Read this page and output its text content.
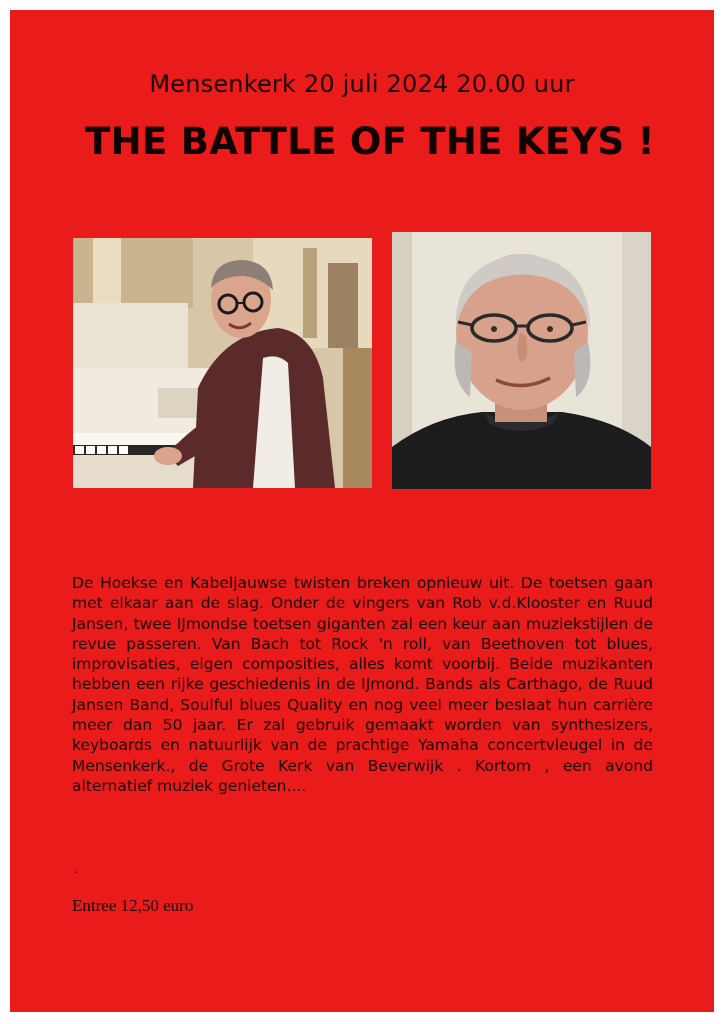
Mensenkerk 20 juli 2024 20.00 uur
THE BATTLE OF THE KEYS !
De Hoekse en Kabeljauwse twisten breken opnieuw uit. De toetsen gaan met elkaar aan de slag. Onder de vingers van Rob v.d.Klooster en Ruud Jansen, twee IJmondse toetsen giganten zal een keur aan muziekstijlen de revue passeren. Van Bach tot Rock 'n roll, van Beethoven tot blues, improvisaties, eigen composities, alles komt voorbij. Beide muzikanten hebben een rijke geschiedenis in de IJmond. Bands als Carthago, de Ruud Jansen Band, Soulful blues Quality en nog veel meer beslaat hun carrière meer dan 50 jaar. Er zal gebruik gemaakt worden van synthesizers, keyboards en natuurlijk van de prachtige Yamaha concertvleugel in de Mensenkerk., de Grote Kerk van Beverwijk . Kortom , een avond alternatief muziek genieten....
.
Entree 12,50 euro
